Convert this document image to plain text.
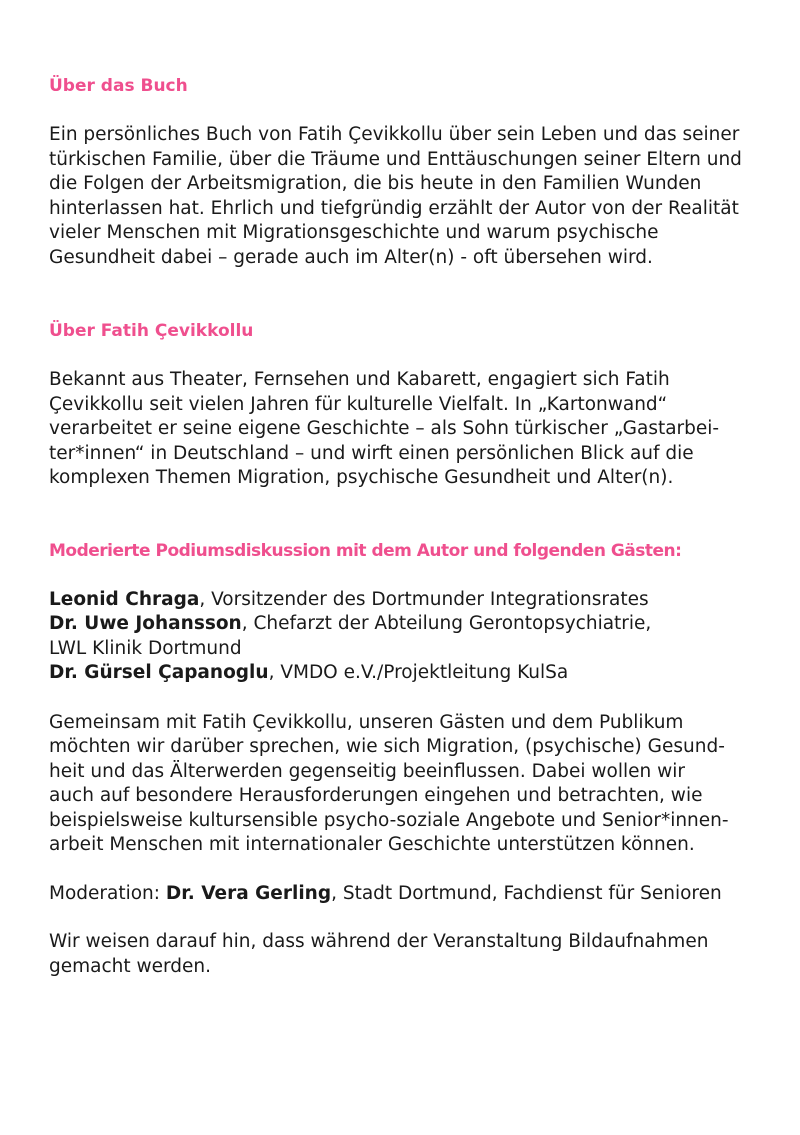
Über das Buch

Ein persönliches Buch von Fatih Çevikkollu über sein Leben und das seiner
türkischen Familie, über die Träume und Enttäuschungen seiner Eltern und
die Folgen der Arbeitsmigration, die bis heute in den Familien Wunden
hinterlassen hat. Ehrlich und tiefgründig erzählt der Autor von der Realität
vieler Menschen mit Migrationsgeschichte und warum psychische
Gesundheit dabei – gerade auch im Alter(n) - oft übersehen wird.

Über Fatih Çevikkollu

Bekannt aus Theater, Fernsehen und Kabarett, engagiert sich Fatih
Çevikkollu seit vielen Jahren für kulturelle Vielfalt. In „Kartonwand“
verarbeitet er seine eigene Geschichte – als Sohn türkischer „Gastarbei-
ter*innen“ in Deutschland – und wirft einen persönlichen Blick auf die
komplexen Themen Migration, psychische Gesundheit und Alter(n).

Moderierte Podiumsdiskussion mit dem Autor und folgenden Gästen:

Leonid Chraga, Vorsitzender des Dortmunder Integrationsrates
Dr. Uwe Johansson, Chefarzt der Abteilung Gerontopsychiatrie,
LWL Klinik Dortmund
Dr. Gürsel Çapanoglu, VMDO e.V./Projektleitung KulSa

Gemeinsam mit Fatih Çevikkollu, unseren Gästen und dem Publikum
möchten wir darüber sprechen, wie sich Migration, (psychische) Gesund-
heit und das Älterwerden gegenseitig beeinflussen. Dabei wollen wir
auch auf besondere Herausforderungen eingehen und betrachten, wie
beispielsweise kultursensible psycho-soziale Angebote und Senior*innen-
arbeit Menschen mit internationaler Geschichte unterstützen können.

Moderation: Dr. Vera Gerling, Stadt Dortmund, Fachdienst für Senioren

Wir weisen darauf hin, dass während der Veranstaltung Bildaufnahmen
gemacht werden.
